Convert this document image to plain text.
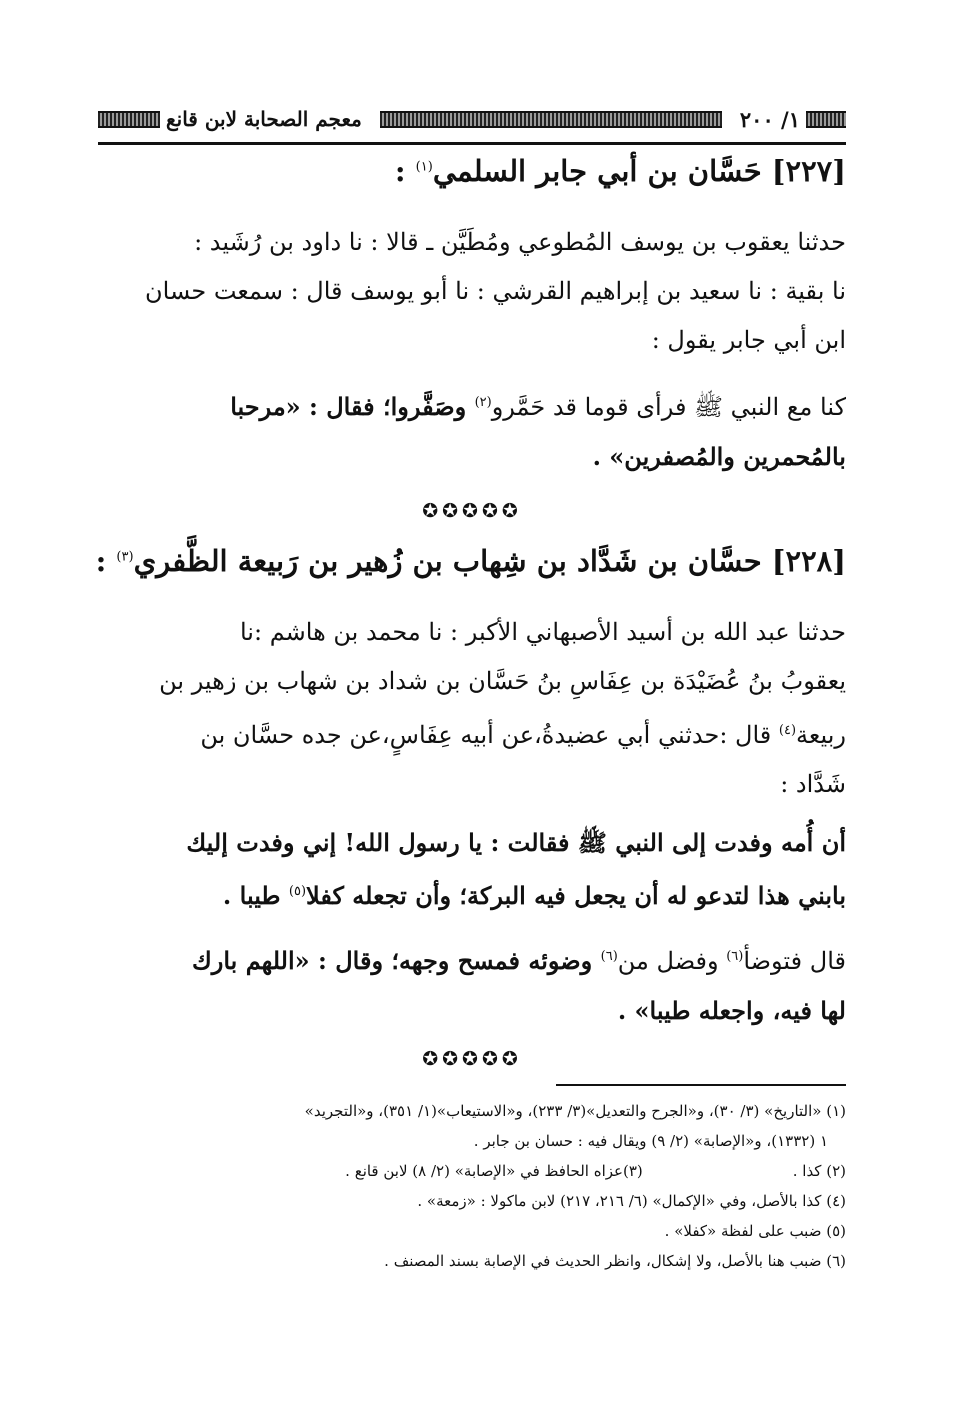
١/ ٢٠٠
معجم الصحابة لابن قانع
[٢٢٧] حَسَّان بن أبي جابر السلمي$^{(١)}$ :
حدثنا يعقوب بن يوسف المُطوعي ومُطَيَّن ـ قالا : نا داود بن رُشَيد :
نا بقية : نا سعيد بن إبراهيم القرشي : نا أبو يوسف قال : سمعت حسان
ابن أبي جابر يقول :
كنا مع النبي ﷺ فرأى قوما قد حَمَّرو$^{(٢)}$ وصَفَّروا؛ فقال : «مرحبا
بالمُحمرين والمُصفرين» .
✪✪✪✪✪
[٢٢٨] حسَّان بن شَدَّاد بن شِهاب بن زُهير بن رَبيعة الظَّفري$^{(٣)}$ :
حدثنا عبد الله بن أسيد الأصبهاني الأكبر : نا محمد بن هاشم :نا
يعقوبُ بنُ عُضَيْدَة بن عِفَاسِ بنُ حَسَّان بن شداد بن شهاب بن زهير بن
ربيعة$^{(٤)}$ قال :حدثني أبي عضيدةُ،عن أبيه عِفَاسٍ،عن جده حسَّان بن
شَدَّاد :
أن أُمه وفدت إلى النبي ﷺ فقالت : يا رسول الله! إني وفدت إليك
بابني هذا لتدعو له أن يجعل فيه البركة؛ وأن تجعله كفلا$^{(٥)}$ طيبا .
قال فتوضأ$^{(٦)}$ وفضل من$^{(٦)}$ وضوئه فمسح وجهه؛ وقال : «اللهم بارك
لها فيه، واجعله طيبا» .
✪✪✪✪✪
(١) «التاريخ» (٣/ ٣٠)، و«الجرح والتعديل»(٣/ ٢٣٣)، و«الاستيعاب»(١/ ٣٥١)، و«التجريد»
١ (١٣٣٢)، و«الإصابة» (٢/ ٩) ويقال فيه : حسان بن جابر .
(٢) كذا .(٣)عزاه الحافظ في «الإصابة» (٢/ ٨) لابن قانع .
(٤) كذا بالأصل، وفي «الإكمال» (٦/ ٢١٦، ٢١٧) لابن ماكولا : «زمعة» .
(٥) ضبب على لفظة «كفلا» .
(٦) ضبب هنا بالأصل، ولا إشكال، وانظر الحديث في الإصابة بسند المصنف .
